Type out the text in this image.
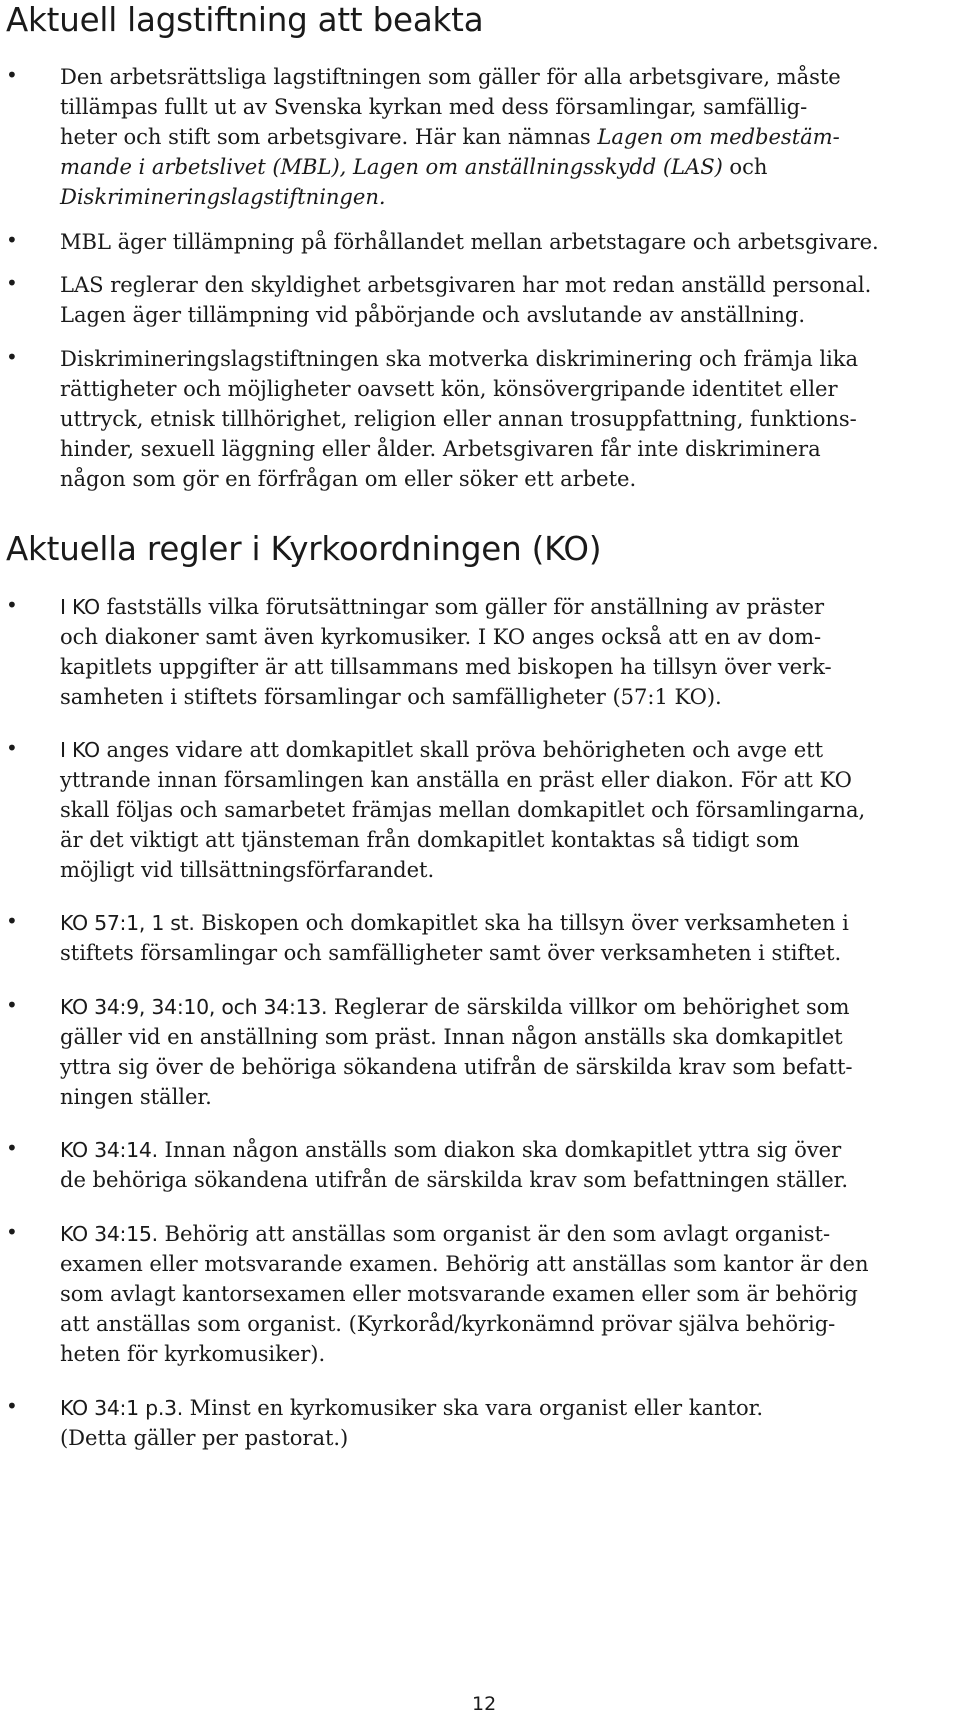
Aktuell lagstiftning att beakta
• Den arbetsrättsliga lagstiftningen som gäller för alla arbetsgivare, måste

tillämpas fullt ut av Svenska kyrkan med dess församlingar, samfällig-

heter och stift som arbetsgivare. Här kan nämnas Lagen om medbestäm-

mande i arbetslivet (MBL), Lagen om anställningsskydd (LAS) och

Diskrimineringslagstiftningen.

• MBL äger tillämpning på förhållandet mellan arbetstagare och arbetsgivare.

• LAS reglerar den skyldighet arbetsgivaren har mot redan anställd personal.

Lagen äger tillämpning vid påbörjande och avslutande av anställning.

• Diskrimineringslagstiftningen ska motverka diskriminering och främja lika

rättigheter och möjligheter oavsett kön, könsövergripande identitet eller

uttryck, etnisk tillhörighet, religion eller annan trosuppfattning, funktions-

hinder, sexuell läggning eller ålder. Arbetsgivaren får inte diskriminera

någon som gör en förfrågan om eller söker ett arbete.

Aktuella regler i Kyrkoordningen (KO)
• I KO fastställs vilka förutsättningar som gäller för anställning av präster

och diakoner samt även kyrkomusiker. I KO anges också att en av dom-

kapitlets uppgifter är att tillsammans med biskopen ha tillsyn över verk-

samheten i stiftets församlingar och samfälligheter (57:1 KO).

• I KO anges vidare att domkapitlet skall pröva behörigheten och avge ett

yttrande innan församlingen kan anställa en präst eller diakon. För att KO

skall följas och samarbetet främjas mellan domkapitlet och församlingarna,

är det viktigt att tjänsteman från domkapitlet kontaktas så tidigt som

möjligt vid tillsättningsförfarandet.

• KO 57:1, 1 st. Biskopen och domkapitlet ska ha tillsyn över verksamheten i

stiftets församlingar och samfälligheter samt över verksamheten i stiftet.

• KO 34:9, 34:10, och 34:13. Reglerar de särskilda villkor om behörighet som

gäller vid en anställning som präst. Innan någon anställs ska domkapitlet

yttra sig över de behöriga sökandena utifrån de särskilda krav som befatt-

ningen ställer.

• KO 34:14. Innan någon anställs som diakon ska domkapitlet yttra sig över

de behöriga sökandena utifrån de särskilda krav som befattningen ställer.

• KO 34:15. Behörig att anställas som organist är den som avlagt organist-

examen eller motsvarande examen. Behörig att anställas som kantor är den

som avlagt kantorsexamen eller motsvarande examen eller som är behörig

att anställas som organist. (Kyrkoråd/kyrkonämnd prövar själva behörig-

heten för kyrkomusiker).

• KO 34:1 p.3. Minst en kyrkomusiker ska vara organist eller kantor.

(Detta gäller per pastorat.)

12
